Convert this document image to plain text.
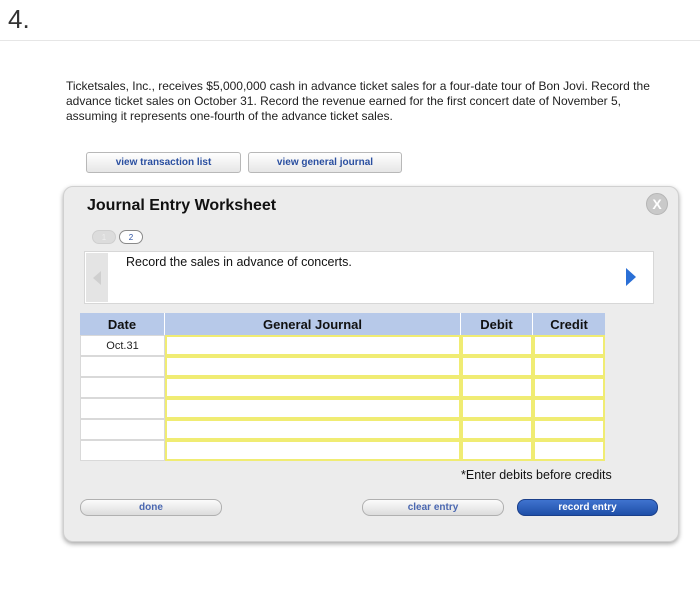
4.
Ticketsales, Inc., receives $5,000,000 cash in advance ticket sales for a four-date tour of Bon Jovi. Record the advance ticket sales on October 31. Record the revenue earned for the first concert date of November 5, assuming it represents one-fourth of the advance ticket sales.
view transaction list	view general journal
Journal Entry Worksheet	X
1	2
Record the sales in advance of concerts.
Date	General Journal	Debit	Credit
Oct.31
*Enter debits before credits
done	clear entry	record entry
